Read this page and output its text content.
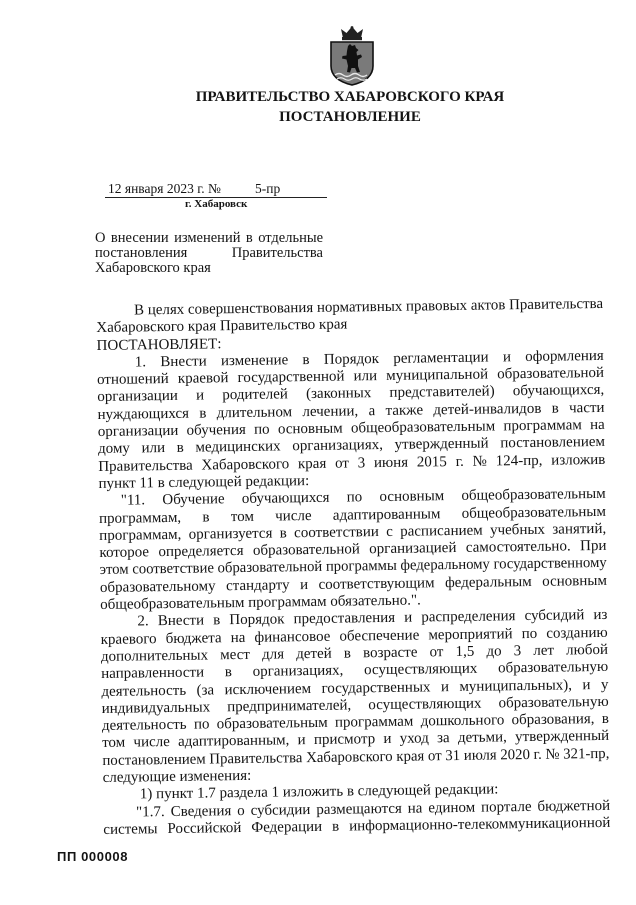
ПРАВИТЕЛЬСТВО ХАБАРОВСКОГО КРАЯ
ПОСТАНОВЛЕНИЕ
12 января 2023 г. №	5-пр
г. Хабаровск
О внесении изменений в отдельные
постановления Правительства
Хабаровского края
В целях совершенствования нормативных правовых актов Правительства
Хабаровского края Правительство края
ПОСТАНОВЛЯЕТ:
1. Внести изменение в Порядок регламентации и оформления
отношений краевой государственной или муниципальной образовательной
организации и родителей (законных представителей) обучающихся,
нуждающихся в длительном лечении, а также детей-инвалидов в части
организации обучения по основным общеобразовательным программам на
дому или в медицинских организациях, утвержденный постановлением
Правительства Хабаровского края от 3 июня 2015 г. № 124-пр, изложив
пункт 11 в следующей редакции:
"11. Обучение обучающихся по основным общеобразовательным
программам, в том числе адаптированным общеобразовательным
программам, организуется в соответствии с расписанием учебных занятий,
которое определяется образовательной организацией самостоятельно. При
этом соответствие образовательной программы федеральному государственному
образовательному стандарту и соответствующим федеральным основным
общеобразовательным программам обязательно.".
2. Внести в Порядок предоставления и распределения субсидий из
краевого бюджета на финансовое обеспечение мероприятий по созданию
дополнительных мест для детей в возрасте от 1,5 до 3 лет любой
направленности в организациях, осуществляющих образовательную
деятельность (за исключением государственных и муниципальных), и у
индивидуальных предпринимателей, осуществляющих образовательную
деятельность по образовательным программам дошкольного образования, в
том числе адаптированным, и присмотр и уход за детьми, утвержденный
постановлением Правительства Хабаровского края от 31 июля 2020 г. № 321-пр,
следующие изменения:
1) пункт 1.7 раздела 1 изложить в следующей редакции:
"1.7. Сведения о субсидии размещаются на едином портале бюджетной
системы Российской Федерации в информационно-телекоммуникационной
ПП 000008
